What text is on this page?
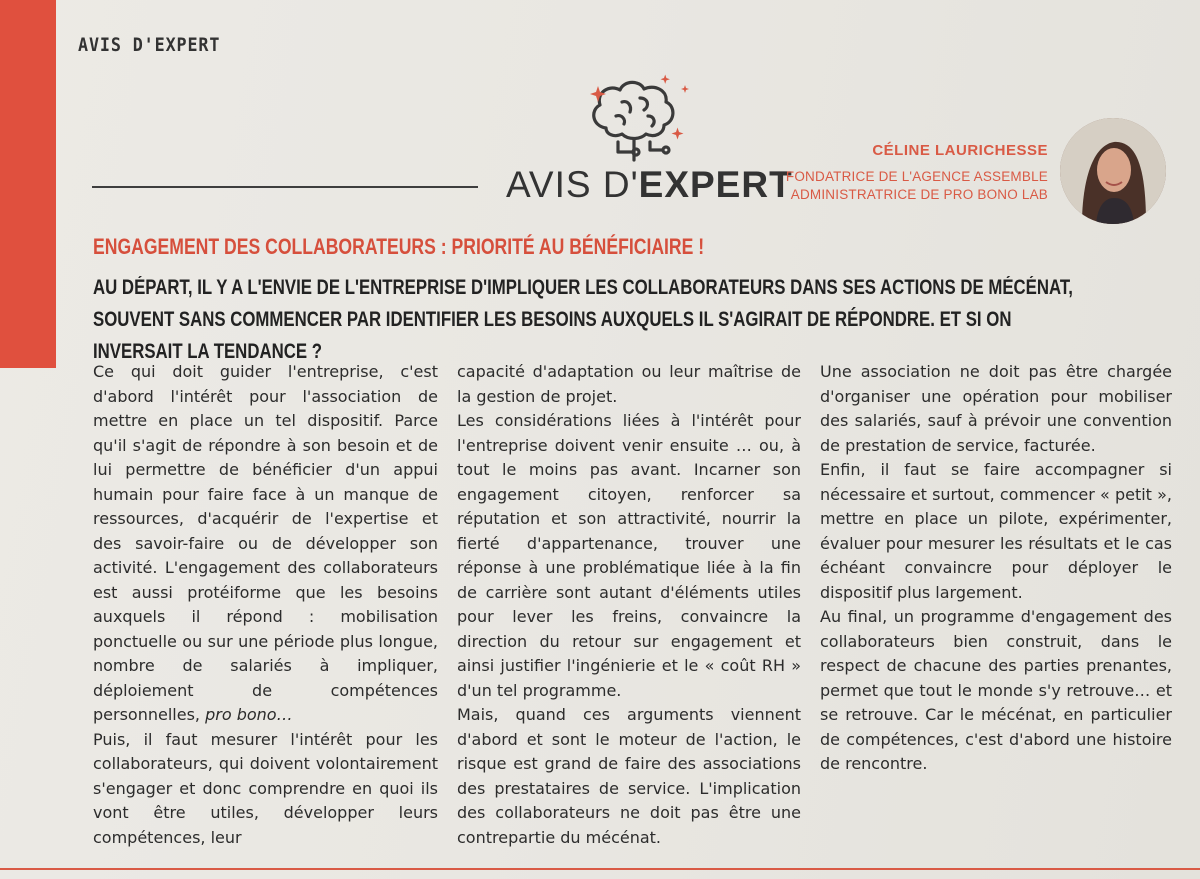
AVIS D'EXPERT
AVIS D'EXPERT
CÉLINE LAURICHESSE
FONDATRICE DE L'AGENCE ASSEMBLE
ADMINISTRATRICE DE PRO BONO LAB
ENGAGEMENT DES COLLABORATEURS : PRIORITÉ AU BÉNÉFICIAIRE !
AU DÉPART, IL Y A L'ENVIE DE L'ENTREPRISE D'IMPLIQUER LES COLLABORATEURS DANS SES ACTIONS DE MÉCÉNAT, SOUVENT SANS COMMENCER PAR IDENTIFIER LES BESOINS AUXQUELS IL S'AGIRAIT DE RÉPONDRE. ET SI ON INVERSAIT LA TENDANCE ?

Ce qui doit guider l'entreprise, c'est d'abord l'intérêt pour l'association de mettre en place un tel dispositif. Parce qu'il s'agit de répondre à son besoin et de lui permettre de bénéficier d'un appui humain pour faire face à un manque de ressources, d'acquérir de l'expertise et des savoir-faire ou de développer son activité. L'engagement des collaborateurs est aussi protéiforme que les besoins auxquels il répond : mobilisation ponctuelle ou sur une période plus longue, nombre de salariés à impliquer, déploiement de compétences personnelles, pro bono…

Puis, il faut mesurer l'intérêt pour les collaborateurs, qui doivent volontairement s'engager et donc comprendre en quoi ils vont être utiles, développer leurs compétences, leur

capacité d'adaptation ou leur maîtrise de la gestion de projet.

Les considérations liées à l'intérêt pour l'entreprise doivent venir ensuite … ou, à tout le moins pas avant. Incarner son engagement citoyen, renforcer sa réputation et son attractivité, nourrir la fierté d'appartenance, trouver une réponse à une problématique liée à la fin de carrière sont autant d'éléments utiles pour lever les freins, convaincre la direction du retour sur engagement et ainsi justifier l'ingénierie et le « coût RH » d'un tel programme.

Mais, quand ces arguments viennent d'abord et sont le moteur de l'action, le risque est grand de faire des associations des prestataires de service. L'implication des collaborateurs ne doit pas être une contrepartie du mécénat.

Une association ne doit pas être chargée d'organiser une opération pour mobiliser des salariés, sauf à prévoir une convention de prestation de service, facturée.

Enfin, il faut se faire accompagner si nécessaire et surtout, commencer « petit », mettre en place un pilote, expérimenter, évaluer pour mesurer les résultats et le cas échéant convaincre pour déployer le dispositif plus largement.

Au final, un programme d'engagement des collaborateurs bien construit, dans le respect de chacune des parties prenantes, permet que tout le monde s'y retrouve… et se retrouve. Car le mécénat, en particulier de compétences, c'est d'abord une histoire de rencontre.
